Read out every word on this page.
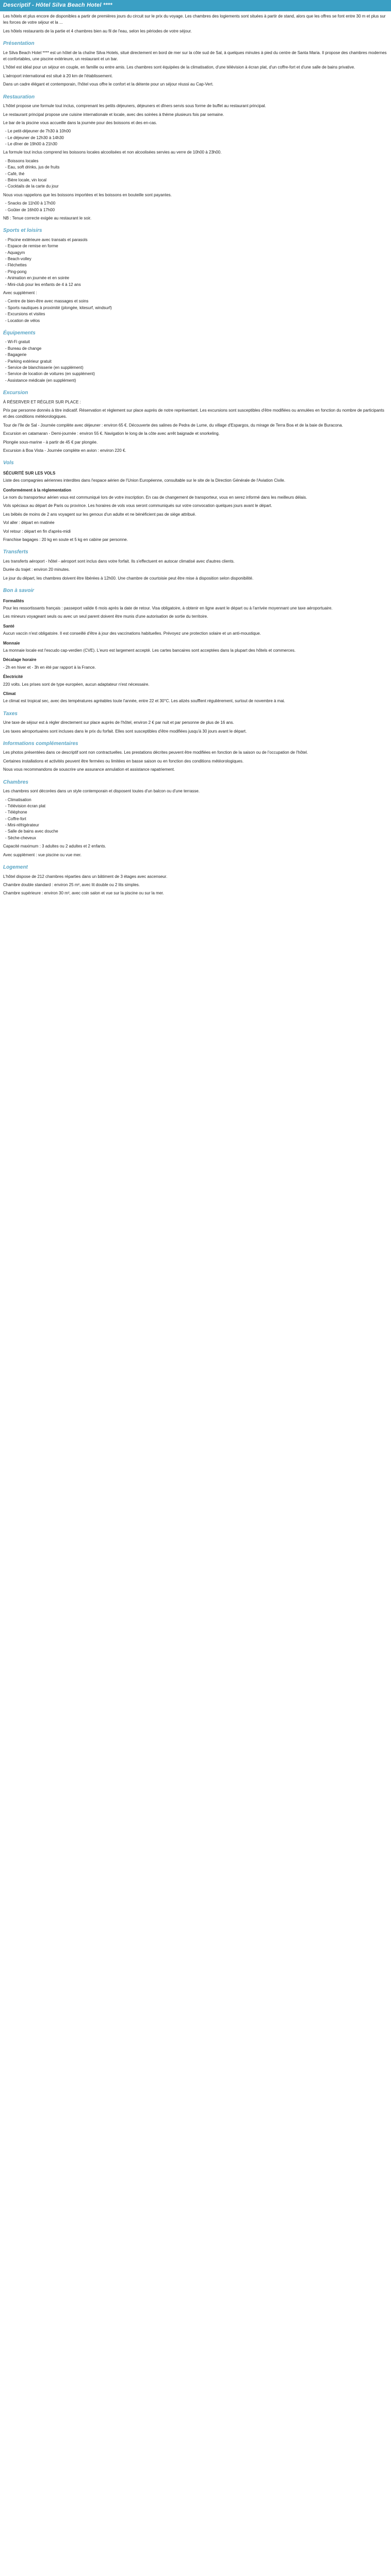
Descriptif - Hôtel Silva Beach Hotel ****

Les hôtels et plus encore de disponibles a partir de premières jours du circuit sur le prix du voyage. Les chambres des logiements sont situées à partir de stand, alors que les offres se font entre 30 m et plus sur les forces de votre séjour et la ...

Les hôtels restaurants de la partie et 4 chambres bien au fil de l'eau, selon les périodes de votre séjour.

Présentation

Le Silva Beach Hotel **** est un hôtel de la chaîne Silva Hotels, situé directement en bord de mer sur la côte sud de Sal, à quelques minutes à pied du centre de Santa Maria. Il propose des chambres modernes et confortables, une piscine extérieure, un restaurant et un bar.

L'hôtel est idéal pour un séjour en couple, en famille ou entre amis. Les chambres sont équipées de la climatisation, d'une télévision à écran plat, d'un coffre-fort et d'une salle de bains privative.

L'aéroport international est situé à 20 km de l'établissement.

Dans un cadre élégant et contemporain, l'hôtel vous offre le confort et la détente pour un séjour réussi au Cap-Vert.

Restauration

L'hôtel propose une formule tout inclus, comprenant les petits déjeuners, déjeuners et dîners servis sous forme de buffet au restaurant principal.

Le restaurant principal propose une cuisine internationale et locale, avec des soirées à thème plusieurs fois par semaine.

Le bar de la piscine vous accueille dans la journée pour des boissons et des en-cas.

- Le petit-déjeuner de 7h30 à 10h00
- Le déjeuner de 12h30 à 14h30
- Le dîner de 19h00 à 21h30

La formule tout inclus comprend les boissons locales alcoolisées et non alcoolisées servies au verre de 10h00 à 23h00.

- Boissons locales
- Eau, soft drinks, jus de fruits
- Café, thé
- Bière locale, vin local
- Cocktails de la carte du jour

Nous vous rappelons que les boissons importées et les boissons en bouteille sont payantes.

- Snacks de 11h00 à 17h00
- Goûter de 16h00 à 17h00

NB : Tenue correcte exigée au restaurant le soir.

Sports et loisirs
- Piscine extérieure avec transats et parasols
- Espace de remise en forme
- Aquagym
- Beach-volley
- Fléchettes
- Ping-pong
- Animation en journée et en soirée
- Mini-club pour les enfants de 4 à 12 ans

Avec supplément :

- Centre de bien-être avec massages et soins
- Sports nautiques à proximité (plongée, kitesurf, windsurf)
- Excursions et visites
- Location de vélos
Équipements
- Wi-Fi gratuit
- Bureau de change
- Bagagerie
- Parking extérieur gratuit
- Service de blanchisserie (en supplément)
- Service de location de voitures (en supplément)
- Assistance médicale (en supplément)
Excursion

À RÉSERVER ET RÉGLER SUR PLACE :

Prix par personne donnés à titre indicatif. Réservation et règlement sur place auprès de notre représentant. Les excursions sont susceptibles d'être modifiées ou annulées en fonction du nombre de participants et des conditions météorologiques.

Tour de l'île de Sal - Journée complète avec déjeuner : environ 65 €. Découverte des salines de Pedra de Lume, du village d'Espargos, du mirage de Terra Boa et de la baie de Buracona.

Excursion en catamaran - Demi-journée : environ 55 €. Navigation le long de la côte avec arrêt baignade et snorkeling.

Plongée sous-marine - à partir de 45 € par plongée.

Excursion à Boa Vista - Journée complète en avion : environ 220 €.

Vols
SÉCURITÉ SUR LES VOLS

Liste des compagnies aériennes interdites dans l'espace aérien de l'Union Européenne, consultable sur le site de la Direction Générale de l'Aviation Civile.

Conformément à la réglementation

Le nom du transporteur aérien vous est communiqué lors de votre inscription. En cas de changement de transporteur, vous en serez informé dans les meilleurs délais.

Vols spéciaux au départ de Paris ou province. Les horaires de vols vous seront communiqués sur votre convocation quelques jours avant le départ.

Les bébés de moins de 2 ans voyagent sur les genoux d'un adulte et ne bénéficient pas de siège attribué.

Vol aller : départ en matinée

Vol retour : départ en fin d'après-midi

Franchise bagages : 20 kg en soute et 5 kg en cabine par personne.

Transferts

Les transferts aéroport - hôtel - aéroport sont inclus dans votre forfait. Ils s'effectuent en autocar climatisé avec d'autres clients.

Durée du trajet : environ 20 minutes.

Le jour du départ, les chambres doivent être libérées à 12h00. Une chambre de courtoisie peut être mise à disposition selon disponibilité.

Bon à savoir
Formalités

Pour les ressortissants français : passeport valide 6 mois après la date de retour. Visa obligatoire, à obtenir en ligne avant le départ ou à l'arrivée moyennant une taxe aéroportuaire.

Les mineurs voyageant seuls ou avec un seul parent doivent être munis d'une autorisation de sortie du territoire.

Santé

Aucun vaccin n'est obligatoire. Il est conseillé d'être à jour des vaccinations habituelles. Prévoyez une protection solaire et un anti-moustique.

Monnaie

La monnaie locale est l'escudo cap-verdien (CVE). L'euro est largement accepté. Les cartes bancaires sont acceptées dans la plupart des hôtels et commerces.

Décalage horaire

- 2h en hiver et - 3h en été par rapport à la France.

Électricité

220 volts. Les prises sont de type européen, aucun adaptateur n'est nécessaire.

Climat

Le climat est tropical sec, avec des températures agréables toute l'année, entre 22 et 30°C. Les alizés soufflent régulièrement, surtout de novembre à mai.

Taxes

Une taxe de séjour est à régler directement sur place auprès de l'hôtel, environ 2 € par nuit et par personne de plus de 16 ans.

Les taxes aéroportuaires sont incluses dans le prix du forfait. Elles sont susceptibles d'être modifiées jusqu'à 30 jours avant le départ.

Informations complémentaires

Les photos présentées dans ce descriptif sont non contractuelles. Les prestations décrites peuvent être modifiées en fonction de la saison ou de l'occupation de l'hôtel.

Certaines installations et activités peuvent être fermées ou limitées en basse saison ou en fonction des conditions météorologiques.

Nous vous recommandons de souscrire une assurance annulation et assistance rapatriement.

Chambres

Les chambres sont décorées dans un style contemporain et disposent toutes d'un balcon ou d'une terrasse.

- Climatisation
- Télévision écran plat
- Téléphone
- Coffre-fort
- Mini-réfrigérateur
- Salle de bains avec douche
- Sèche-cheveux

Capacité maximum : 3 adultes ou 2 adultes et 2 enfants.

Avec supplément : vue piscine ou vue mer.

Logement

L'hôtel dispose de 212 chambres réparties dans un bâtiment de 3 étages avec ascenseur.

Chambre double standard : environ 25 m², avec lit double ou 2 lits simples.

Chambre supérieure : environ 30 m², avec coin salon et vue sur la piscine ou sur la mer.
